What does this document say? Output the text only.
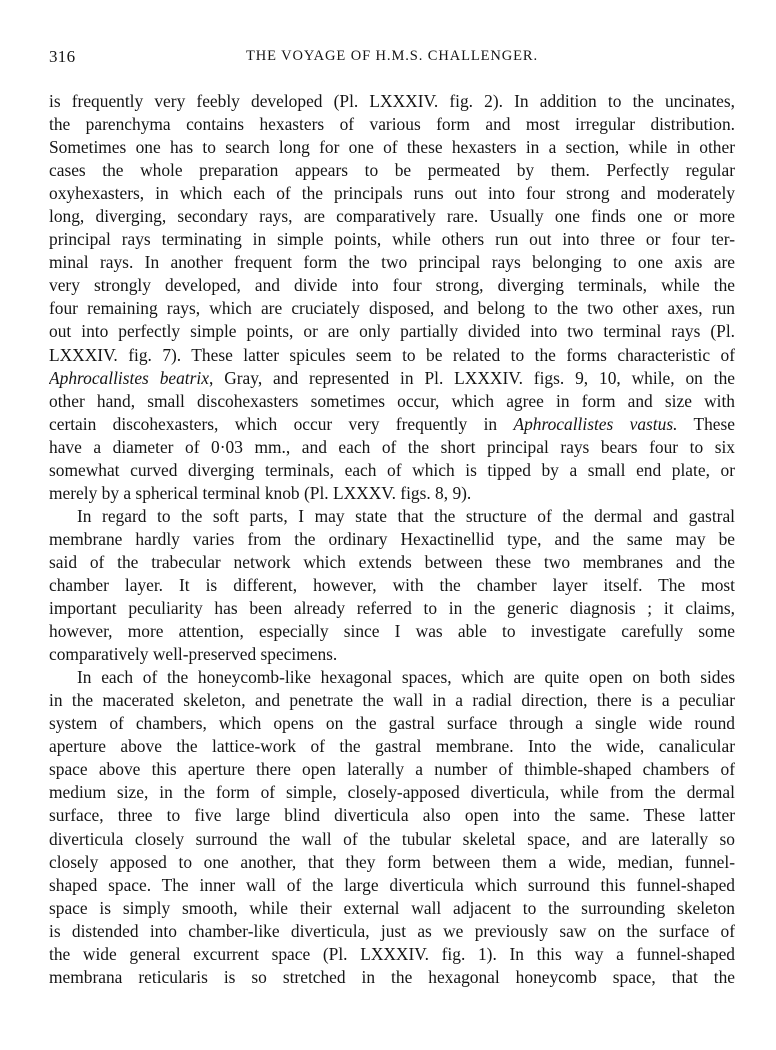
316	THE VOYAGE OF H.M.S. CHALLENGER.
is frequently very feebly developed (Pl. LXXXIV. fig. 2). In addition to the uncinates,
the parenchyma contains hexasters of various form and most irregular distribution.
Sometimes one has to search long for one of these hexasters in a section, while in other
cases the whole preparation appears to be permeated by them. Perfectly regular
oxyhexasters, in which each of the principals runs out into four strong and moderately
long, diverging, secondary rays, are comparatively rare. Usually one finds one or more
principal rays terminating in simple points, while others run out into three or four ter-
minal rays. In another frequent form the two principal rays belonging to one axis are
very strongly developed, and divide into four strong, diverging terminals, while the
four remaining rays, which are cruciately disposed, and belong to the two other axes, run
out into perfectly simple points, or are only partially divided into two terminal rays (Pl.
LXXXIV. fig. 7). These latter spicules seem to be related to the forms characteristic of
Aphrocallistes beatrix, Gray, and represented in Pl. LXXXIV. figs. 9, 10, while, on the
other hand, small discohexasters sometimes occur, which agree in form and size with
certain discohexasters, which occur very frequently in Aphrocallistes vastus. These
have a diameter of 0·03 mm., and each of the short principal rays bears four to six
somewhat curved diverging terminals, each of which is tipped by a small end plate, or
merely by a spherical terminal knob (Pl. LXXXV. figs. 8, 9).
In regard to the soft parts, I may state that the structure of the dermal and gastral
membrane hardly varies from the ordinary Hexactinellid type, and the same may be
said of the trabecular network which extends between these two membranes and the
chamber layer. It is different, however, with the chamber layer itself. The most
important peculiarity has been already referred to in the generic diagnosis ; it claims,
however, more attention, especially since I was able to investigate carefully some
comparatively well-preserved specimens.
In each of the honeycomb-like hexagonal spaces, which are quite open on both sides
in the macerated skeleton, and penetrate the wall in a radial direction, there is a peculiar
system of chambers, which opens on the gastral surface through a single wide round
aperture above the lattice-work of the gastral membrane. Into the wide, canalicular
space above this aperture there open laterally a number of thimble-shaped chambers of
medium size, in the form of simple, closely-apposed diverticula, while from the dermal
surface, three to five large blind diverticula also open into the same. These latter
diverticula closely surround the wall of the tubular skeletal space, and are laterally so
closely apposed to one another, that they form between them a wide, median, funnel-
shaped space. The inner wall of the large diverticula which surround this funnel-shaped
space is simply smooth, while their external wall adjacent to the surrounding skeleton
is distended into chamber-like diverticula, just as we previously saw on the surface of
the wide general excurrent space (Pl. LXXXIV. fig. 1). In this way a funnel-shaped
membrana reticularis is so stretched in the hexagonal honeycomb space, that the
